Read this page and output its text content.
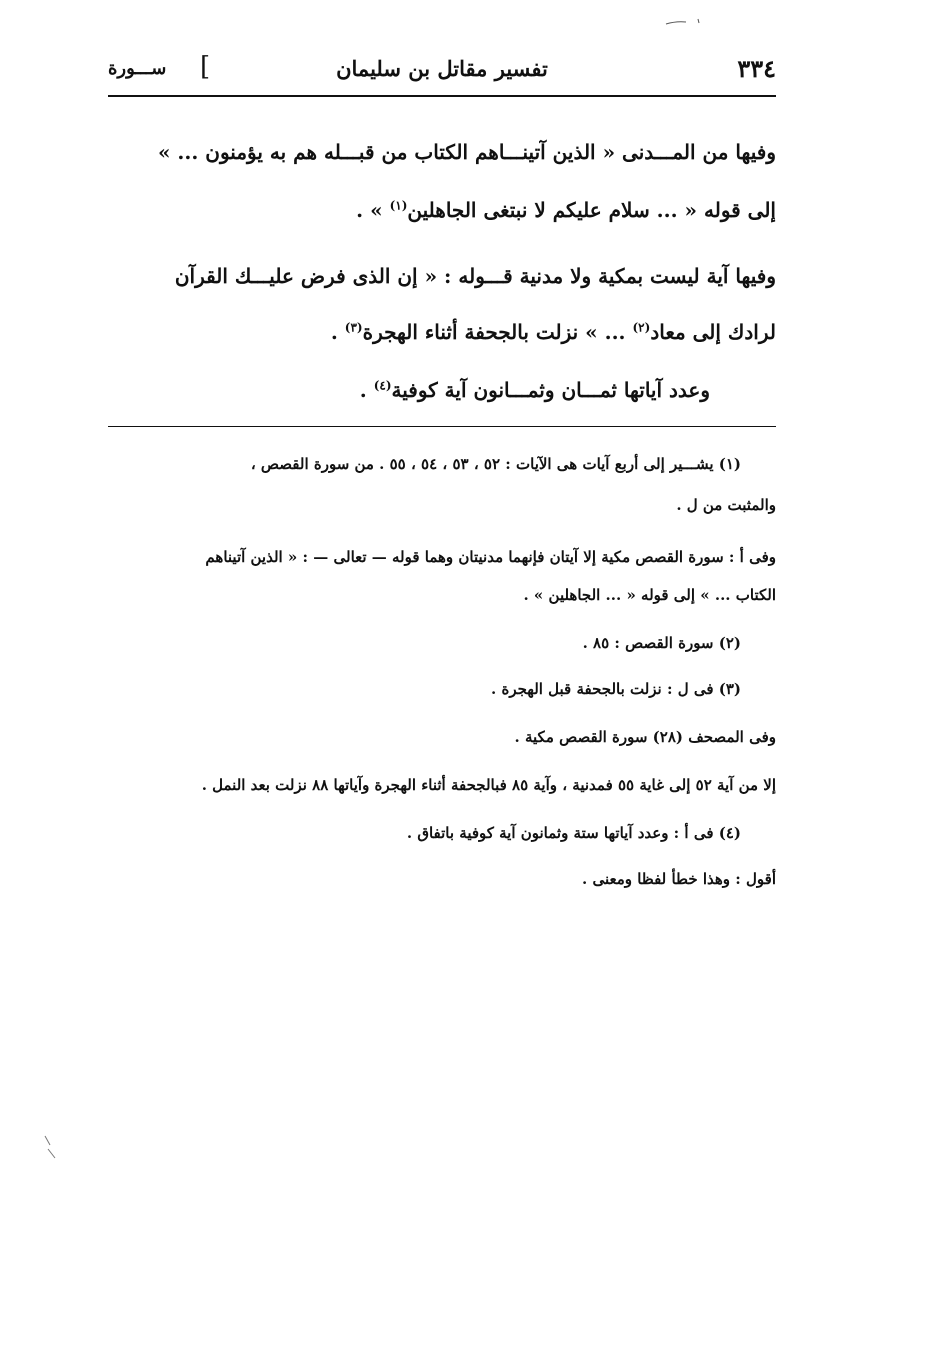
٣٣٤
تفسير مقاتل بن سليمان
ســـورة [
وفيها من المـــدنى « الذين آتينـــاهم الكتاب من قبـــله هم به يؤمنون ... »
إلى قوله « ... سلام عليكم لا نبتغى الجاهلين$^{(١)}$ » .
وفيها آية ليست بمكية ولا مدنية قـــوله : « إن الذى فرض عليـــك القرآن
لرادك إلى معاد$^{(٢)}$ ... » نزلت بالجحفة أثناء الهجرة$^{(٣)}$ .
وعدد آياتها ثمـــان وثمـــانون آية كوفية$^{(٤)}$ .
(١) يشـــير إلى أربع آيات هى الآيات : ٥٢ ، ٥٣ ، ٥٤ ، ٥٥ . من سورة القصص ،
والمثبت من ل .
وفى أ : سورة القصص مكية إلا آيتان فإنهما مدنيتان وهما قوله — تعالى — : « الذين آتيناهم
الكتاب ... » إلى قوله « ... الجاهلين » .
(٢) سورة القصص : ٨٥ .
(٣) فى ل : نزلت بالجحفة قبل الهجرة .
وفى المصحف (٢٨) سورة القصص مكية .
إلا من آية ٥٢ إلى غاية ٥٥ فمدنية ، وآية ٨٥ فبالجحفة أثناء الهجرة وآياتها ٨٨ نزلت بعد النمل .
(٤) فى أ : وعدد آياتها ستة وثمانون آية كوفية باتفاق .
أقول : وهذا خطأ لفظا ومعنى .
